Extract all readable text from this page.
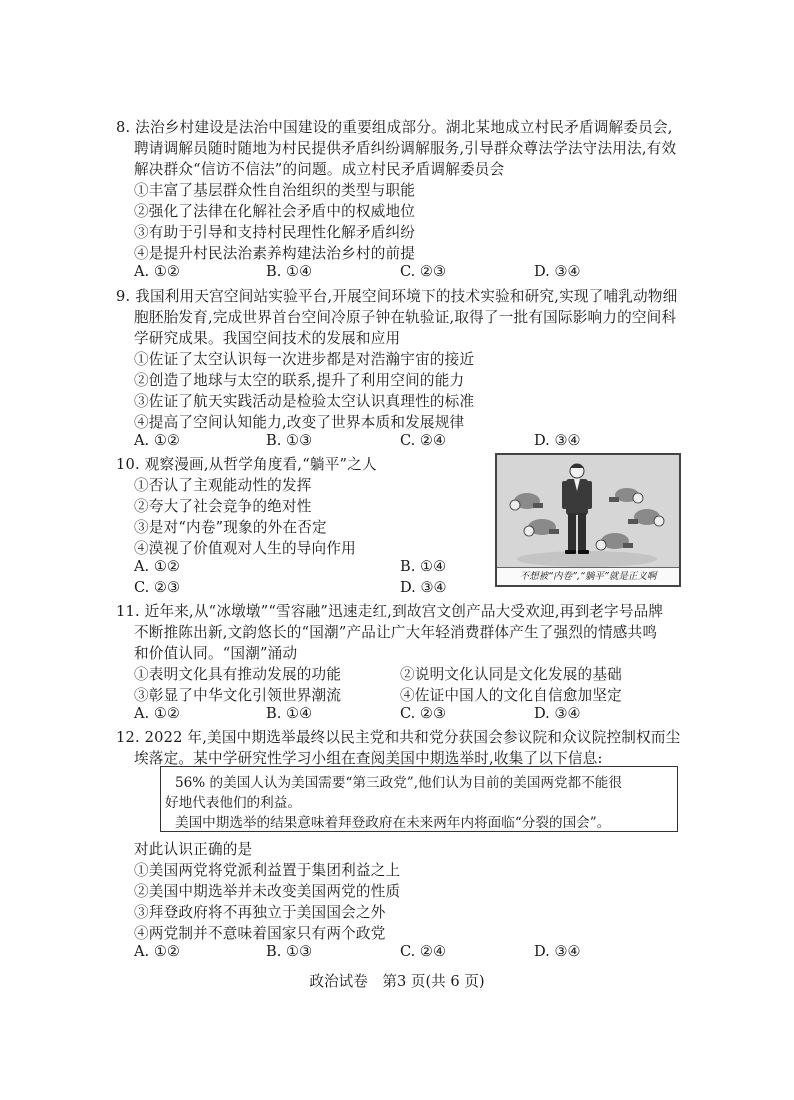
8. 法治乡村建设是法治中国建设的重要组成部分。湖北某地成立村民矛盾调解委员会,
聘请调解员随时随地为村民提供矛盾纠纷调解服务,引导群众尊法学法守法用法,有效
解决群众“信访不信法”的问题。成立村民矛盾调解委员会
①丰富了基层群众性自治组织的类型与职能
②强化了法律在化解社会矛盾中的权威地位
③有助于引导和支持村民理性化解矛盾纠纷
④是提升村民法治素养构建法治乡村的前提
A. ①②	B. ①④	C. ②③	D. ③④
9. 我国利用天宫空间站实验平台,开展空间环境下的技术实验和研究,实现了哺乳动物细
胞胚胎发育,完成世界首台空间冷原子钟在轨验证,取得了一批有国际影响力的空间科
学研究成果。我国空间技术的发展和应用
①佐证了太空认识每一次进步都是对浩瀚宇宙的接近
②创造了地球与太空的联系,提升了利用空间的能力
③佐证了航天实践活动是检验太空认识真理性的标准
④提高了空间认知能力,改变了世界本质和发展规律
A. ①②	B. ①③	C. ②④	D. ③④
10. 观察漫画,从哲学角度看,“躺平”之人
①否认了主观能动性的发挥
②夸大了社会竞争的绝对性
③是对“内卷”现象的外在否定
④漠视了价值观对人生的导向作用
A. ①②	B. ①④
C. ②③	D. ③④
不想被“内卷”,“躺平”就是正义啊
11. 近年来,从“冰墩墩”“雪容融”迅速走红,到故宫文创产品大受欢迎,再到老字号品牌
不断推陈出新,文韵悠长的“国潮”产品让广大年轻消费群体产生了强烈的情感共鸣
和价值认同。“国潮”涌动
①表明文化具有推动发展的功能	②说明文化认同是文化发展的基础
③彰显了中华文化引领世界潮流	④佐证中国人的文化自信愈加坚定
A. ①②	B. ①④	C. ②③	D. ③④
12. 2022 年,美国中期选举最终以民主党和共和党分获国会参议院和众议院控制权而尘
埃落定。某中学研究性学习小组在查阅美国中期选举时,收集了以下信息:
56% 的美国人认为美国需要“第三政党”,他们认为目前的美国两党都不能很
好地代表他们的利益。
美国中期选举的结果意味着拜登政府在未来两年内将面临“分裂的国会”。
对此认识正确的是
①美国两党将党派利益置于集团利益之上
②美国中期选举并未改变美国两党的性质
③拜登政府将不再独立于美国国会之外
④两党制并不意味着国家只有两个政党
A. ①②	B. ①③	C. ②④	D. ③④
政治试卷　第3 页(共 6 页)
